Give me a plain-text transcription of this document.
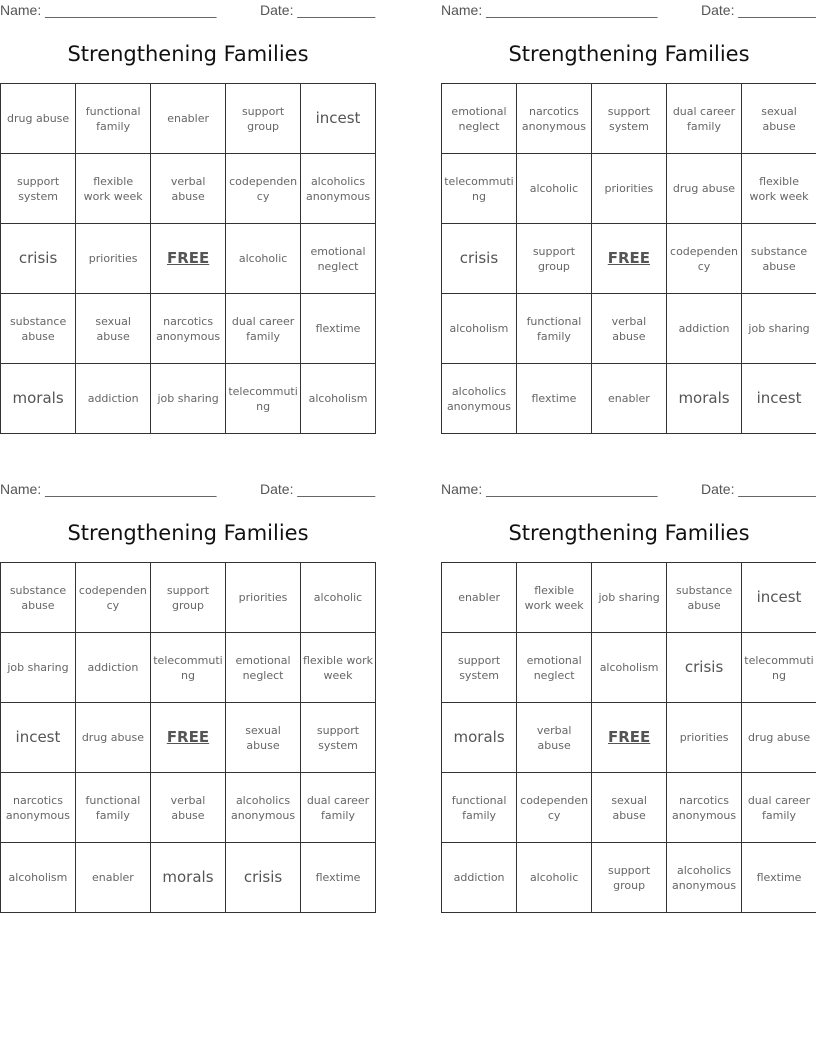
Name: ______________________	Date: __________
Strengthening Families
drug abuse	functional family	enabler	support group	incest
support system	flexible work week	verbal abuse	codependency	alcoholics anonymous
crisis	priorities	FREE	alcoholic	emotional neglect
substance abuse	sexual abuse	narcotics anonymous	dual career family	flextime
morals	addiction	job sharing	telecommuting	alcoholism
Name: ______________________	Date: __________
Strengthening Families
emotional neglect	narcotics anonymous	support system	dual career family	sexual abuse
telecommuting	alcoholic	priorities	drug abuse	flexible work week
crisis	support group	FREE	codependency	substance abuse
alcoholism	functional family	verbal abuse	addiction	job sharing
alcoholics anonymous	flextime	enabler	morals	incest
Name: ______________________	Date: __________
Strengthening Families
substance abuse	codependency	support group	priorities	alcoholic
job sharing	addiction	telecommuting	emotional neglect	flexible work week
incest	drug abuse	FREE	sexual abuse	support system
narcotics anonymous	functional family	verbal abuse	alcoholics anonymous	dual career family
alcoholism	enabler	morals	crisis	flextime
Name: ______________________	Date: __________
Strengthening Families
enabler	flexible work week	job sharing	substance abuse	incest
support system	emotional neglect	alcoholism	crisis	telecommuting
morals	verbal abuse	FREE	priorities	drug abuse
functional family	codependency	sexual abuse	narcotics anonymous	dual career family
addiction	alcoholic	support group	alcoholics anonymous	flextime
